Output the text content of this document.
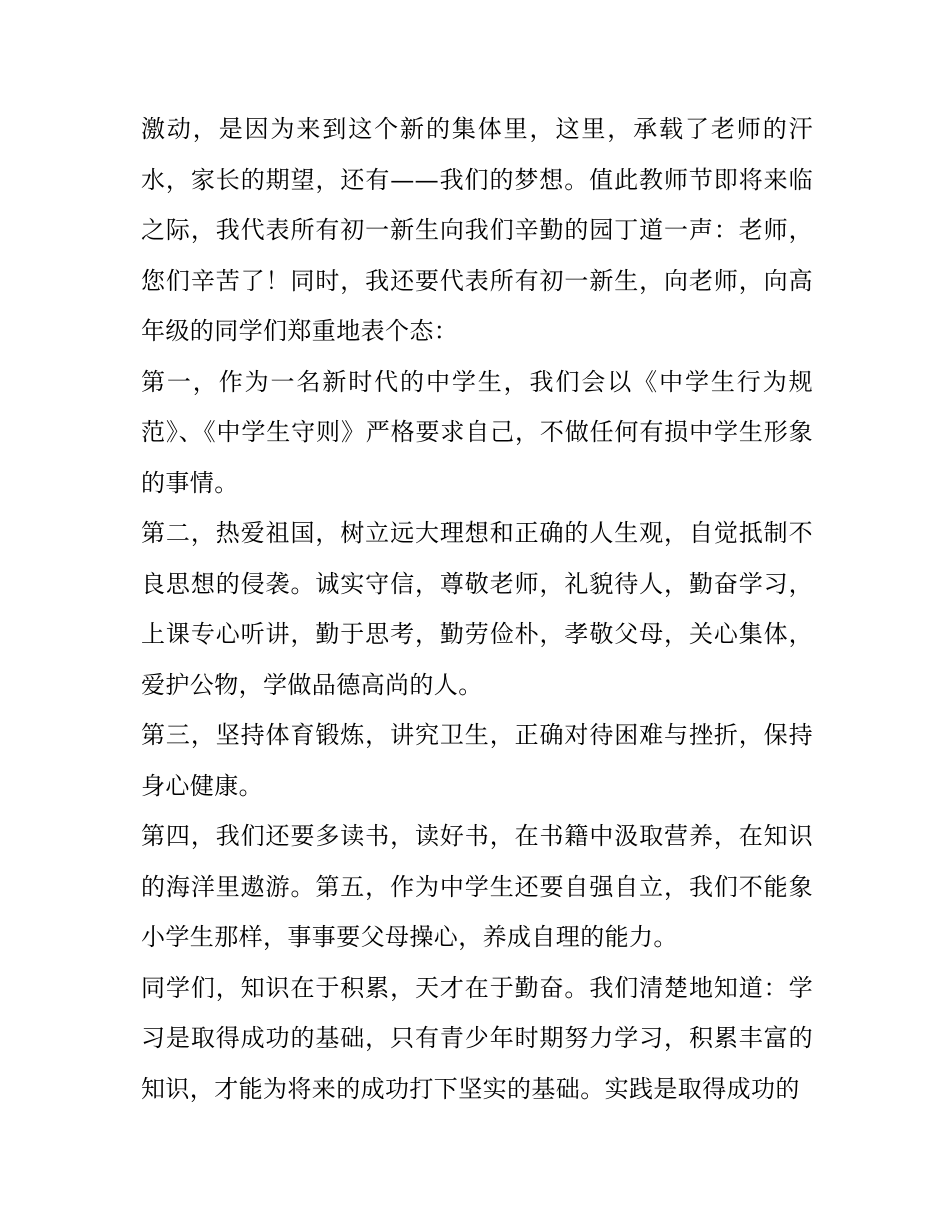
激动，是因为来到这个新的集体里，这里，承载了老师的汗水，家长的期望，还有——我们的梦想。值此教师节即将来临之际，我代表所有初一新生向我们辛勤的园丁道一声：老师，您们辛苦了！同时，我还要代表所有初一新生，向老师，向高年级的同学们郑重地表个态：

第一，作为一名新时代的中学生，我们会以《中学生行为规范》、《中学生守则》严格要求自己，不做任何有损中学生形象的事情。

第二，热爱祖国，树立远大理想和正确的人生观，自觉抵制不良思想的侵袭。诚实守信，尊敬老师，礼貌待人，勤奋学习，上课专心听讲，勤于思考，勤劳俭朴，孝敬父母，关心集体，爱护公物，学做品德高尚的人。

第三，坚持体育锻炼，讲究卫生，正确对待困难与挫折，保持身心健康。

第四，我们还要多读书，读好书，在书籍中汲取营养，在知识的海洋里遨游。第五，作为中学生还要自强自立，我们不能象小学生那样，事事要父母操心，养成自理的能力。

同学们，知识在于积累，天才在于勤奋。我们清楚地知道：学习是取得成功的基础，只有青少年时期努力学习，积累丰富的知识，才能为将来的成功打下坚实的基础。实践是取得成功的
